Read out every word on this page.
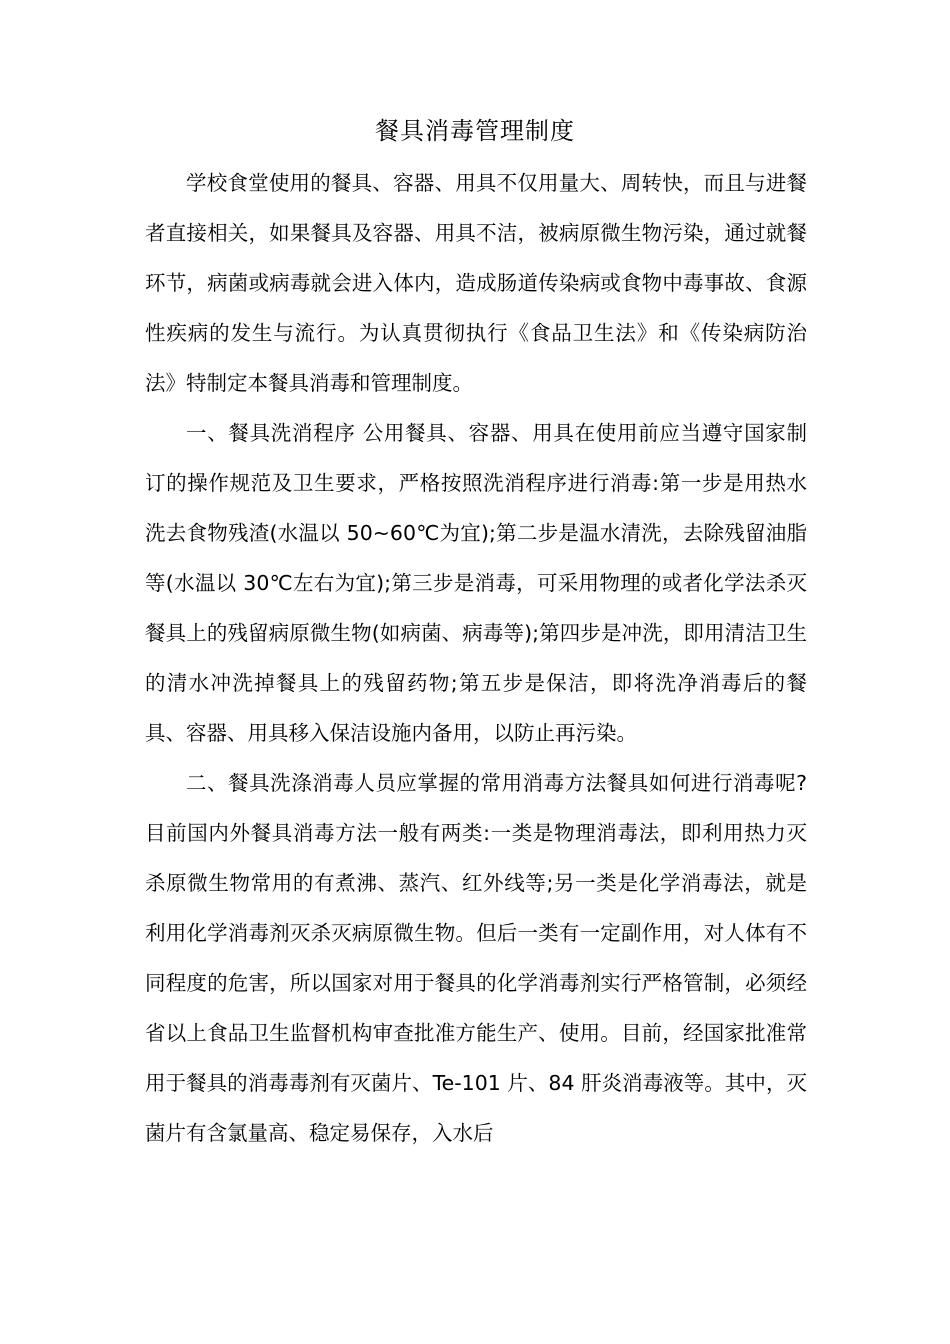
餐具消毒管理制度

学校食堂使用的餐具、容器、用具不仅用量大、周转快，而且与进餐者直接相关，如果餐具及容器、用具不洁，被病原微生物污染，通过就餐环节，病菌或病毒就会进入体内，造成肠道传染病或食物中毒事故、食源性疾病的发生与流行。为认真贯彻执行《食品卫生法》和《传染病防治法》特制定本餐具消毒和管理制度。

一、餐具洗消程序 公用餐具、容器、用具在使用前应当遵守国家制订的操作规范及卫生要求，严格按照洗消程序进行消毒:第一步是用热水洗去食物残渣(水温以 50~60℃为宜);第二步是温水清洗，去除残留油脂等(水温以 30℃左右为宜);第三步是消毒，可采用物理的或者化学法杀灭餐具上的残留病原微生物(如病菌、病毒等);第四步是冲洗，即用清洁卫生的清水冲洗掉餐具上的残留药物;第五步是保洁，即将洗净消毒后的餐具、容器、用具移入保洁设施内备用，以防止再污染。

二、餐具洗涤消毒人员应掌握的常用消毒方法餐具如何进行消毒呢?目前国内外餐具消毒方法一般有两类:一类是物理消毒法，即利用热力灭杀原微生物常用的有煮沸、蒸汽、红外线等;另一类是化学消毒法，就是利用化学消毒剂灭杀灭病原微生物。但后一类有一定副作用，对人体有不同程度的危害，所以国家对用于餐具的化学消毒剂实行严格管制，必须经省以上食品卫生监督机构审查批准方能生产、使用。目前，经国家批准常用于餐具的消毒毒剂有灭菌片、Te-101 片、84 肝炎消毒液等。其中，灭菌片有含氯量高、稳定易保存，入水后
